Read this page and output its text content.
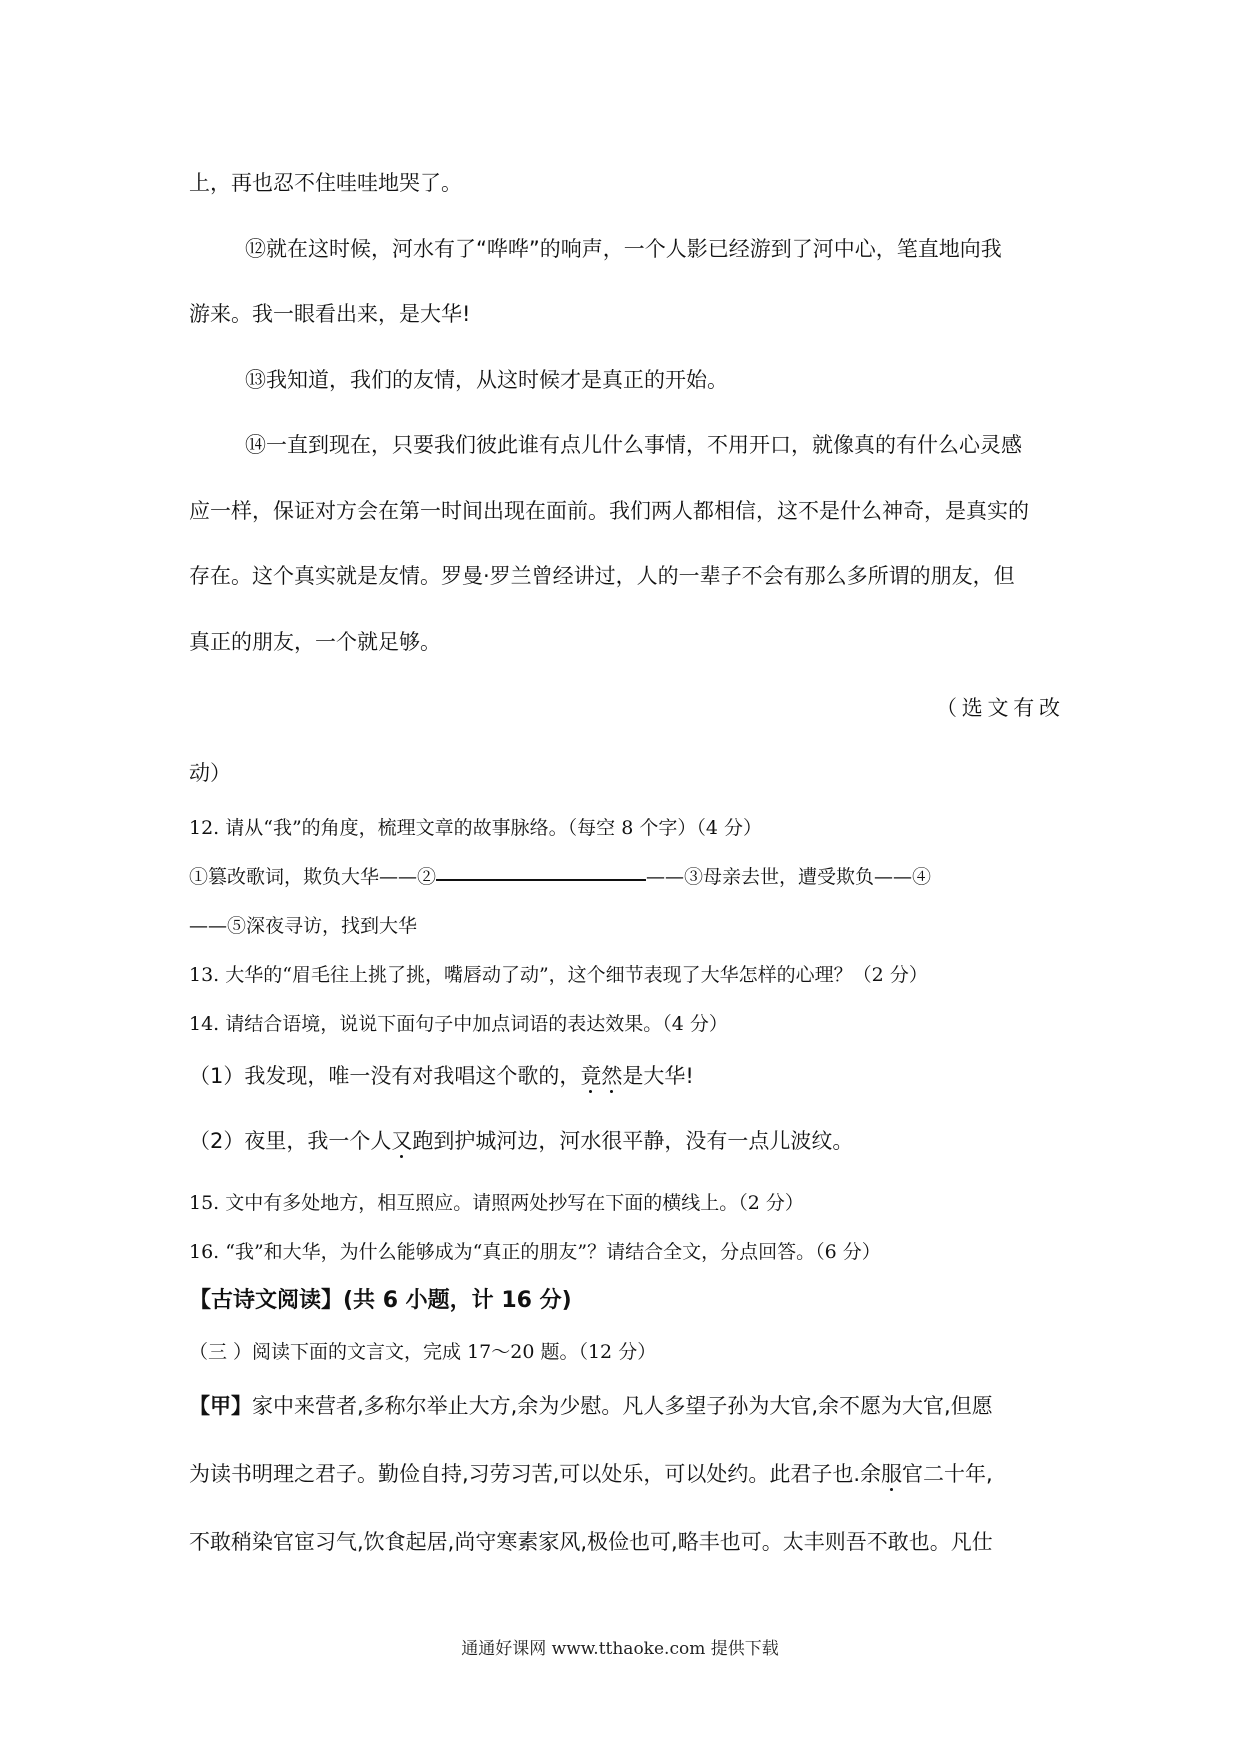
上，再也忍不住哇哇地哭了。

⑫就在这时候，河水有了“哗哗”的响声，一个人影已经游到了河中心，笔直地向我

游来。我一眼看出来，是大华!

⑬我知道，我们的友情，从这时候才是真正的开始。

⑭一直到现在，只要我们彼此谁有点儿什么事情，不用开口，就像真的有什么心灵感

应一样，保证对方会在第一时间出现在面前。我们两人都相信，这不是什么神奇，是真实的

存在。这个真实就是友情。罗曼·罗兰曾经讲过，人的一辈子不会有那么多所谓的朋友，但

真正的朋友，一个就足够。

（选文有改

动）

12. 请从“我”的角度，梳理文章的故事脉络。（每空 8 个字）（4 分）

①篡改歌词，欺负大华——②	——③母亲去世，遭受欺负——④

——⑤深夜寻访，找到大华

13. 大华的“眉毛往上挑了挑，嘴唇动了动”，这个细节表现了大华怎样的心理？（2 分）

14. 请结合语境，说说下面句子中加点词语的表达效果。（4 分）

（1）我发现，唯一没有对我唱这个歌的，竟然是大华!

（2）夜里，我一个人又跑到护城河边，河水很平静，没有一点儿波纹。

15. 文中有多处地方，相互照应。请照两处抄写在下面的横线上。（2 分）

16. “我”和大华，为什么能够成为“真正的朋友”？请结合全文，分点回答。（6 分）

【古诗文阅读】(共 6 小题，计 16 分)

（三 ）阅读下面的文言文，完成 17～20 题。（12 分）

【甲】家中来营者,多称尔举止大方,余为少慰。凡人多望子孙为大官,余不愿为大官,但愿

为读书明理之君子。勤俭自持,习劳习苦,可以处乐，可以处约。此君子也.余服官二十年,

不敢稍染官宦习气,饮食起居,尚守寒素家风,极俭也可,略丰也可。太丰则吾不敢也。凡仕

通通好课网 www.tthaoke.com 提供下载
